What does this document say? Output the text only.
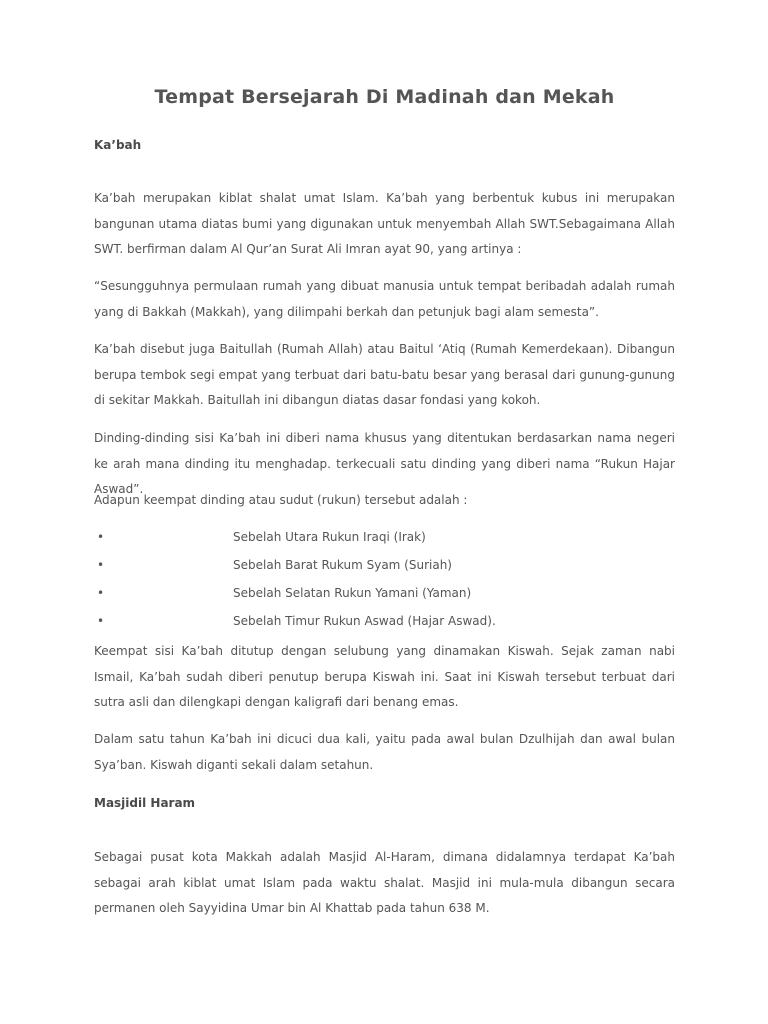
Tempat Bersejarah Di Madinah dan Mekah
Ka’bah

Ka’bah merupakan kiblat shalat umat Islam. Ka’bah yang berbentuk kubus ini merupakan bangunan utama diatas bumi yang digunakan untuk menyembah Allah SWT.Sebagaimana Allah SWT. berfirman dalam Al Qur’an Surat Ali Imran ayat 90, yang artinya :

“Sesungguhnya permulaan rumah yang dibuat manusia untuk tempat beribadah adalah rumah yang di Bakkah (Makkah), yang dilimpahi berkah dan petunjuk bagi alam semesta”.

Ka’bah disebut juga Baitullah (Rumah Allah) atau Baitul ‘Atiq (Rumah Kemerdekaan). Dibangun berupa tembok segi empat yang terbuat dari batu-batu besar yang berasal dari gunung-gunung di sekitar Makkah. Baitullah ini dibangun diatas dasar fondasi yang kokoh.

Dinding-dinding sisi Ka’bah ini diberi nama khusus yang ditentukan berdasarkan nama negeri ke arah mana dinding itu menghadap. terkecuali satu dinding yang diberi nama “Rukun Hajar Aswad”.

Adapun keempat dinding atau sudut (rukun) tersebut adalah :

•	Sebelah Utara Rukun Iraqi (Irak)
•	Sebelah Barat Rukum Syam (Suriah)
•	Sebelah Selatan Rukun Yamani (Yaman)
•	Sebelah Timur Rukun Aswad (Hajar Aswad).

Keempat sisi Ka’bah ditutup dengan selubung yang dinamakan Kiswah. Sejak zaman nabi Ismail, Ka’bah sudah diberi penutup berupa Kiswah ini. Saat ini Kiswah tersebut terbuat dari sutra asli dan dilengkapi dengan kaligrafi dari benang emas.

Dalam satu tahun Ka’bah ini dicuci dua kali, yaitu pada awal bulan Dzulhijah dan awal bulan Sya’ban. Kiswah diganti sekali dalam setahun.

Masjidil Haram

Sebagai pusat kota Makkah adalah Masjid Al-Haram, dimana didalamnya terdapat Ka’bah sebagai arah kiblat umat Islam pada waktu shalat. Masjid ini mula-mula dibangun secara permanen oleh Sayyidina Umar bin Al Khattab pada tahun 638 M.
